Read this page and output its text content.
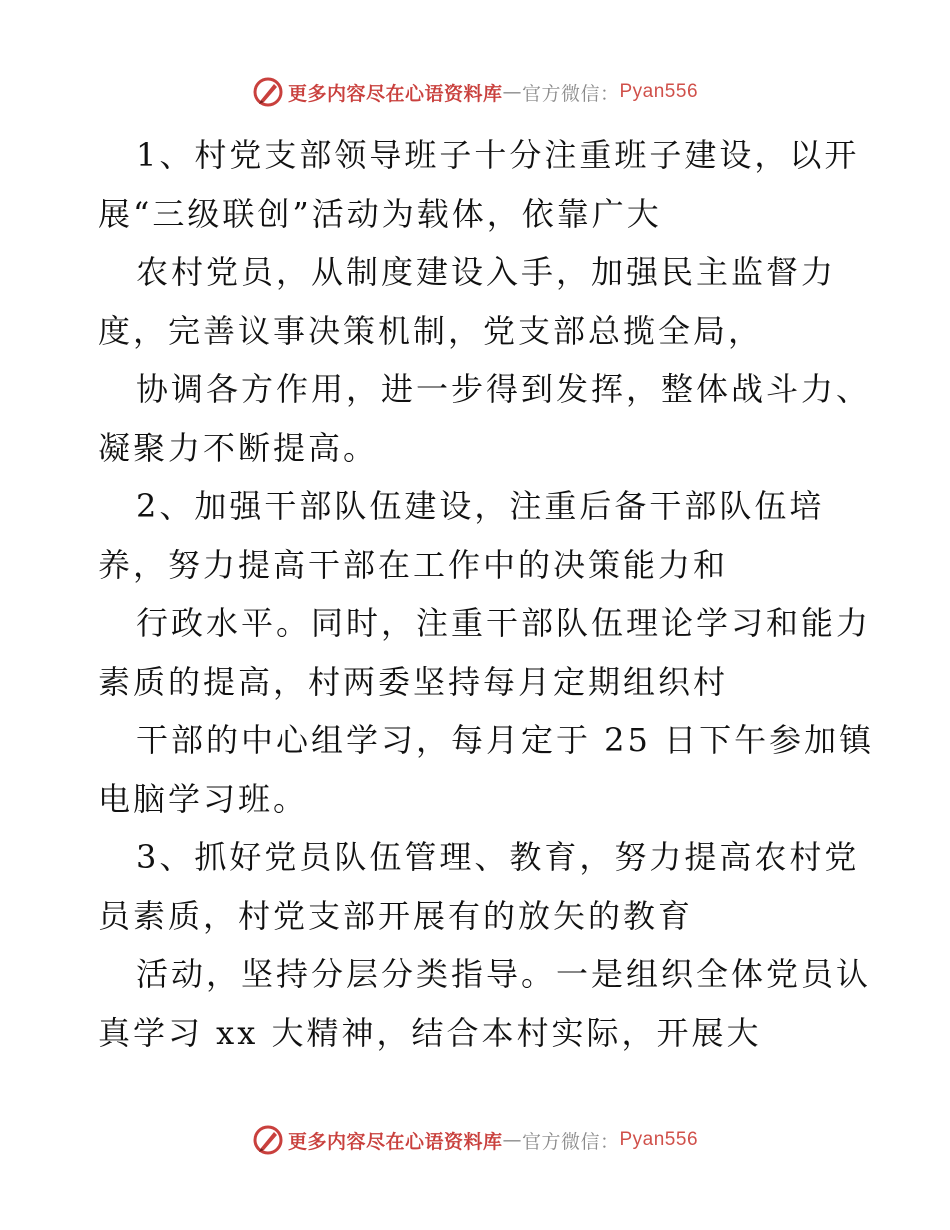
更多内容尽在心语资料库 — 官方微信： Pyan556
1、村党支部领导班子十分注重班子建设，以开
展“三级联创”活动为载体，依靠广大
农村党员，从制度建设入手，加强民主监督力
度，完善议事决策机制，党支部总揽全局，
协调各方作用，进一步得到发挥，整体战斗力、
凝聚力不断提高。
2、加强干部队伍建设，注重后备干部队伍培
养，努力提高干部在工作中的决策能力和
行政水平。同时，注重干部队伍理论学习和能力
素质的提高，村两委坚持每月定期组织村
干部的中心组学习，每月定于 25 日下午参加镇
电脑学习班。
3、抓好党员队伍管理、教育，努力提高农村党
员素质，村党支部开展有的放矢的教育
活动，坚持分层分类指导。一是组织全体党员认
真学习 xx 大精神，结合本村实际，开展大
更多内容尽在心语资料库 — 官方微信： Pyan556
